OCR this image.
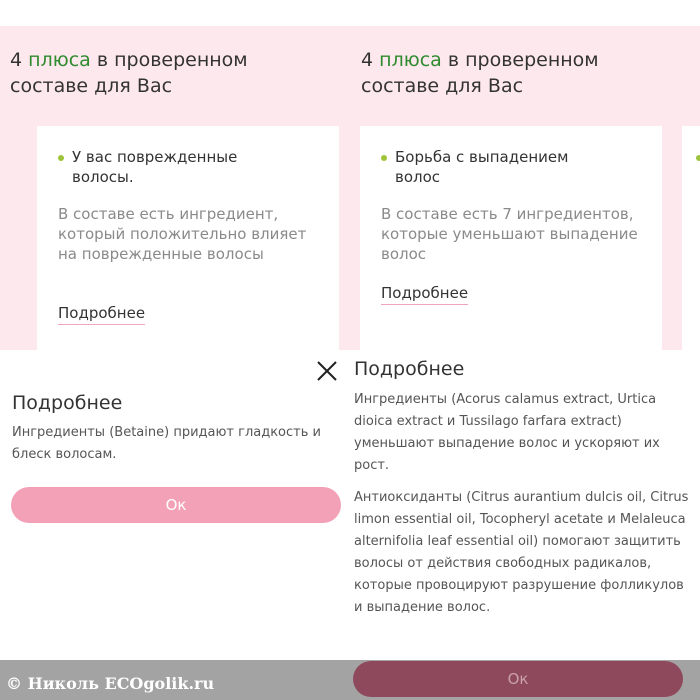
4 плюса в проверенном
составе для Вас
4 плюса в проверенном
составе для Вас
У вас поврежденные волосы.
В составе есть ингредиент, который положительно влияет на поврежденные волосы
Подробнее
Борьба с выпадением волос
В составе есть 7 ингредиентов, которые уменьшают выпадение волос
Подробнее
Подробнее
Ингредиенты (Betaine) придают гладкость и блеск волосам.
Ок
Подробнее
Ингредиенты (Acorus calamus extract, Urtica dioica extract и Tussilago farfara extract) уменьшают выпадение волос и ускоряют их рост.
Антиоксиданты (Citrus aurantium dulcis oil, Citrus limon essential oil, Tocopheryl acetate и Melaleuca alternifolia leaf essential oil) помогают защитить волосы от действия свободных радикалов, которые провоцируют разрушение фолликулов и выпадение волос.
Ок
© Николь ECOgolik.ru
